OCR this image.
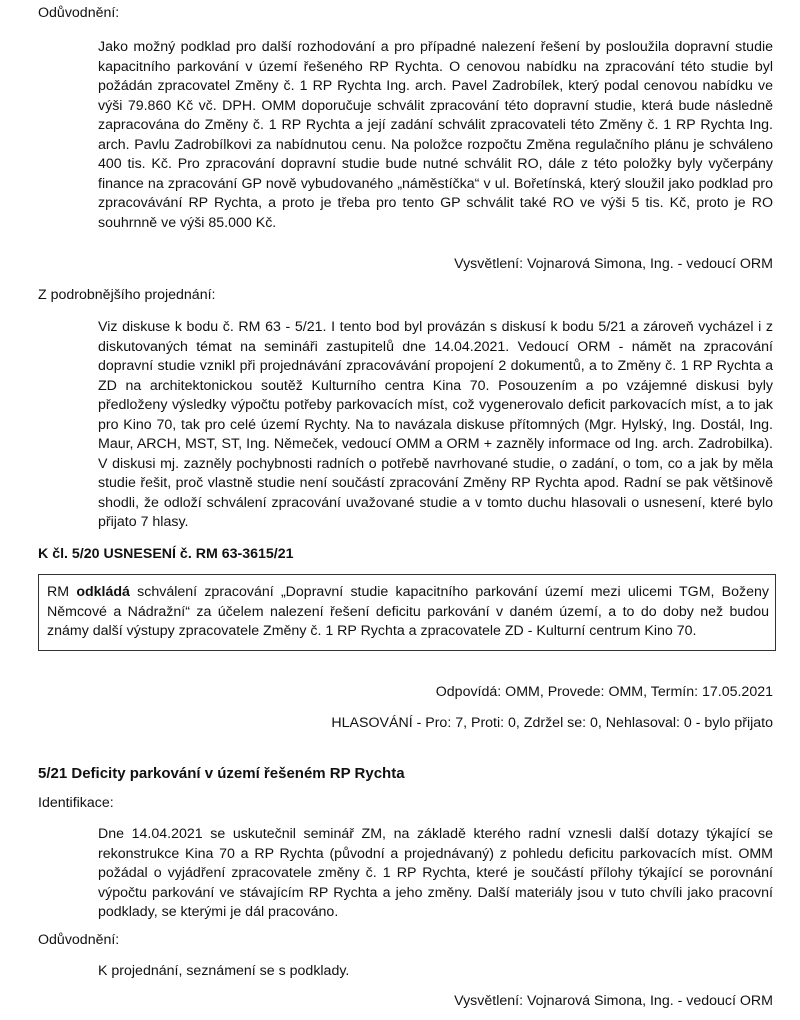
Odůvodnění:

Jako možný podklad pro další rozhodování a pro případné nalezení řešení by posloužila dopravní studie kapacitního parkování v území řešeného RP Rychta. O cenovou nabídku na zpracování této studie byl požádán zpracovatel Změny č. 1 RP Rychta Ing. arch. Pavel Zadrobílek, který podal cenovou nabídku ve výši 79.860 Kč vč. DPH. OMM doporučuje schválit zpracování této dopravní studie, která bude následně zapracována do Změny č. 1 RP Rychta a její zadání schválit zpracovateli této Změny č. 1 RP Rychta Ing. arch. Pavlu Zadrobílkovi za nabídnutou cenu. Na položce rozpočtu Změna regulačního plánu je schváleno 400 tis. Kč. Pro zpracování dopravní studie bude nutné schválit RO, dále z této položky byly vyčerpány finance na zpracování GP nově vybudovaného „náměstíčka“ v ul. Bořetínská, který sloužil jako podklad pro zpracovávání RP Rychta, a proto je třeba pro tento GP schválit také RO ve výši 5 tis. Kč, proto je RO souhrnně ve výši 85.000 Kč.

Vysvětlení: Vojnarová Simona, Ing. - vedoucí ORM
Z podrobnějšího projednání:

Viz diskuse k bodu č. RM 63 - 5/21. I tento bod byl provázán s diskusí k bodu 5/21 a zároveň vycházel i z diskutovaných témat na semináři zastupitelů dne 14.04.2021. Vedoucí ORM - námět na zpracování dopravní studie vznikl při projednávání zpracovávání propojení 2 dokumentů, a to Změny č. 1 RP Rychta a ZD na architektonickou soutěž Kulturního centra Kina 70. Posouzením a po vzájemné diskusi byly předloženy výsledky výpočtu potřeby parkovacích míst, což vygenerovalo deficit parkovacích míst, a to jak pro Kino 70, tak pro celé území Rychty. Na to navázala diskuse přítomných (Mgr. Hylský, Ing. Dostál, Ing. Maur, ARCH, MST, ST, Ing. Němeček, vedoucí OMM a ORM + zazněly informace od Ing. arch. Zadrobilka). V diskusi mj. zazněly pochybnosti radních o potřebě navrhované studie, o zadání, o tom, co a jak by měla studie řešit, proč vlastně studie není součástí zpracování Změny RP Rychta apod. Radní se pak většinově shodli, že odloží schválení zpracování uvažované studie a v tomto duchu hlasovali o usnesení, které bylo přijato 7 hlasy.

K čl. 5/20 USNESENÍ č. RM 63-3615/21
RM odkládá schválení zpracování „Dopravní studie kapacitního parkování území mezi ulicemi TGM, Boženy Němcové a Nádražní“ za účelem nalezení řešení deficitu parkování v daném území, a to do doby než budou známy další výstupy zpracovatele Změny č. 1 RP Rychta a zpracovatele ZD - Kulturní centrum Kino 70.
Odpovídá: OMM, Provede: OMM, Termín: 17.05.2021
HLASOVÁNÍ - Pro: 7, Proti: 0, Zdržel se: 0, Nehlasoval: 0 - bylo přijato
5/21 Deficity parkování v území řešeném RP Rychta
Identifikace:

Dne 14.04.2021 se uskutečnil seminář ZM, na základě kterého radní vznesli další dotazy týkající se rekonstrukce Kina 70 a RP Rychta (původní a projednávaný) z pohledu deficitu parkovacích míst. OMM požádal o vyjádření zpracovatele změny č. 1 RP Rychta, které je součástí přílohy týkající se porovnání výpočtu parkování ve stávajícím RP Rychta a jeho změny. Další materiály jsou v tuto chvíli jako pracovní podklady, se kterými je dál pracováno.

Odůvodnění:

K projednání, seznámení se s podklady.

Vysvětlení: Vojnarová Simona, Ing. - vedoucí ORM
